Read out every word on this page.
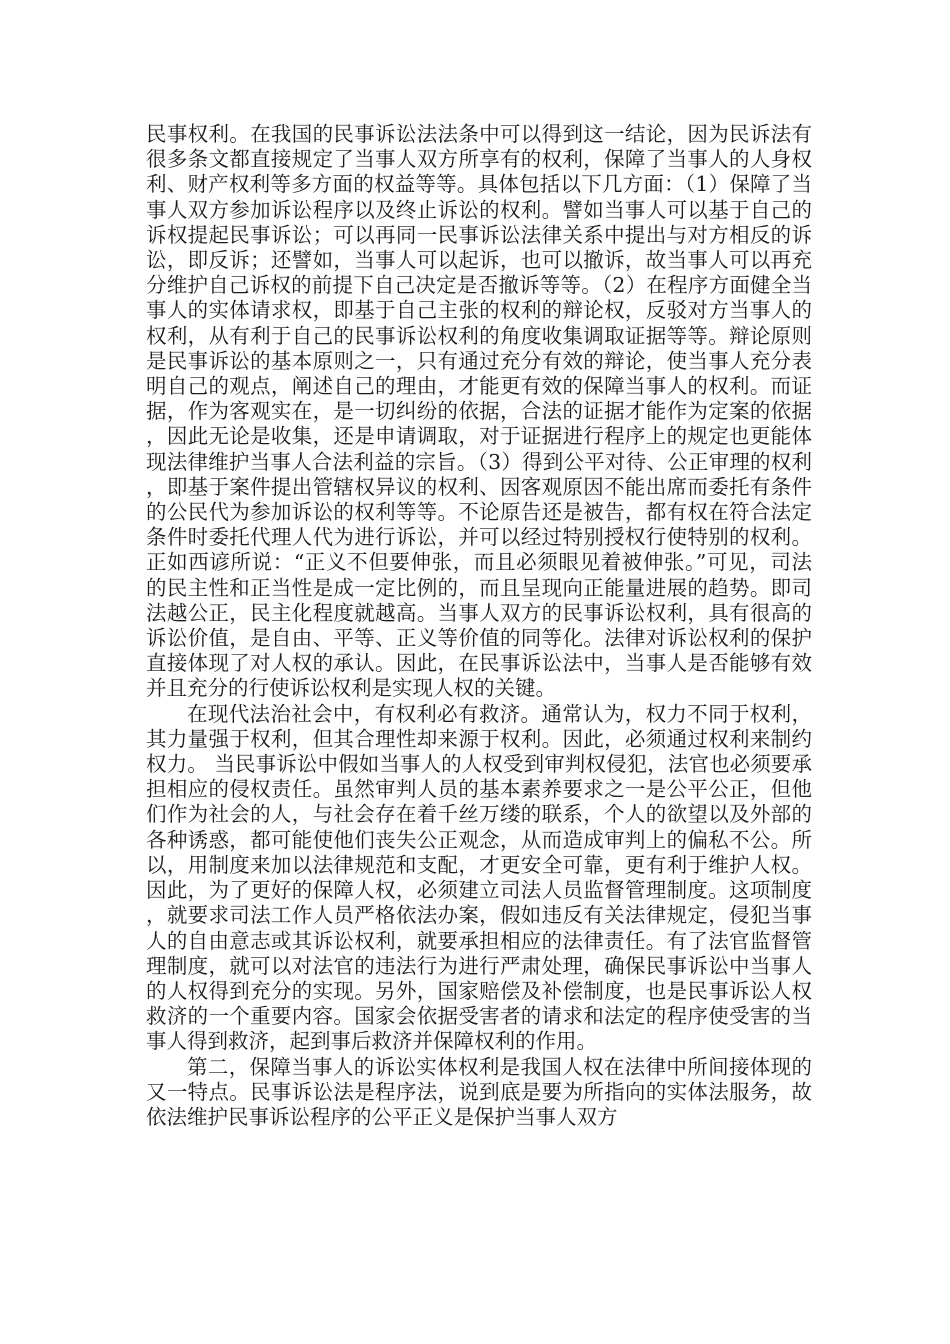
民事权利。在我国的民事诉讼法法条中可以得到这一结论，因为民诉法有很多条文都直接规定了当事人双方所享有的权利，保障了当事人的人身权利、财产权利等多方面的权益等等。具体包括以下几方面：（1）保障了当事人双方参加诉讼程序以及终止诉讼的权利。譬如当事人可以基于自己的诉权提起民事诉讼；可以再同一民事诉讼法律关系中提出与对方相反的诉讼，即反诉；还譬如，当事人可以起诉，也可以撤诉，故当事人可以再充分维护自己诉权的前提下自己决定是否撤诉等等。（2）在程序方面健全当事人的实体请求权，即基于自己主张的权利的辩论权，反驳对方当事人的权利，从有利于自己的民事诉讼权利的角度收集调取证据等等。辩论原则是民事诉讼的基本原则之一，只有通过充分有效的辩论，使当事人充分表明自己的观点，阐述自己的理由，才能更有效的保障当事人的权利。而证据，作为客观实在，是一切纠纷的依据，合法的证据才能作为定案的依据，因此无论是收集，还是申请调取，对于证据进行程序上的规定也更能体现法律维护当事人合法利益的宗旨。（3）得到公平对待、公正审理的权利，即基于案件提出管辖权异议的权利、因客观原因不能出席而委托有条件的公民代为参加诉讼的权利等等。不论原告还是被告，都有权在符合法定条件时委托代理人代为进行诉讼，并可以经过特别授权行使特别的权利。正如西谚所说：“正义不但要伸张，而且必须眼见着被伸张。”可见，司法的民主性和正当性是成一定比例的，而且呈现向正能量进展的趋势。即司法越公正，民主化程度就越高。当事人双方的民事诉讼权利，具有很高的诉讼价值，是自由、平等、正义等价值的同等化。法律对诉讼权利的保护直接体现了对人权的承认。因此，在民事诉讼法中，当事人是否能够有效并且充分的行使诉讼权利是实现人权的关键。

在现代法治社会中，有权利必有救济。通常认为，权力不同于权利，其力量强于权利，但其合理性却来源于权利。因此，必须通过权利来制约权力。 当民事诉讼中假如当事人的人权受到审判权侵犯，法官也必须要承担相应的侵权责任。虽然审判人员的基本素养要求之一是公平公正，但他们作为社会的人，与社会存在着千丝万缕的联系，个人的欲望以及外部的各种诱惑，都可能使他们丧失公正观念，从而造成审判上的偏私不公。所以，用制度来加以法律规范和支配，才更安全可靠，更有利于维护人权。 因此，为了更好的保障人权，必须建立司法人员监督管理制度。这项制度，就要求司法工作人员严格依法办案，假如违反有关法律规定，侵犯当事人的自由意志或其诉讼权利，就要承担相应的法律责任。有了法官监督管理制度，就可以对法官的违法行为进行严肃处理，确保民事诉讼中当事人的人权得到充分的实现。另外，国家赔偿及补偿制度，也是民事诉讼人权救济的一个重要内容。国家会依据受害者的请求和法定的程序使受害的当事人得到救济，起到事后救济并保障权利的作用。

第二，保障当事人的诉讼实体权利是我国人权在法律中所间接体现的又一特点。民事诉讼法是程序法，说到底是要为所指向的实体法服务，故依法维护民事诉讼程序的公平正义是保护当事人双方
